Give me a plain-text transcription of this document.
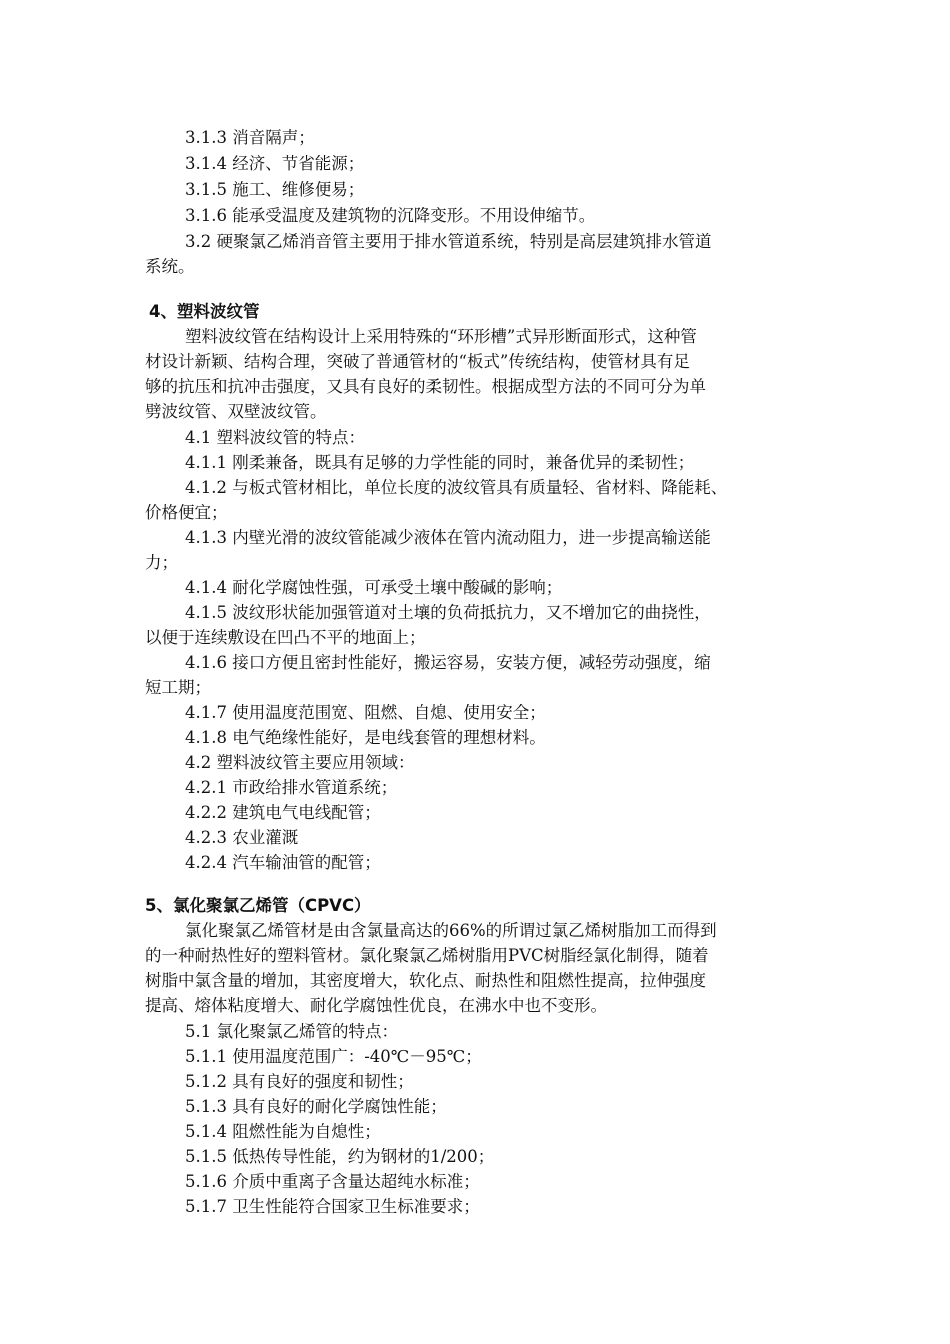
3.1.3 消音隔声；
3.1.4 经济、节省能源；
3.1.5 施工、维修便易；
3.1.6 能承受温度及建筑物的沉降变形。不用设伸缩节。
3.2 硬聚氯乙烯消音管主要用于排水管道系统，特别是高层建筑排水管道
系统。
4、塑料波纹管
塑料波纹管在结构设计上采用特殊的“环形槽”式异形断面形式，这种管
材设计新颖、结构合理，突破了普通管材的“板式”传统结构，使管材具有足
够的抗压和抗冲击强度，又具有良好的柔韧性。根据成型方法的不同可分为单
劈波纹管、双壁波纹管。
4.1 塑料波纹管的特点：
4.1.1 刚柔兼备，既具有足够的力学性能的同时，兼备优异的柔韧性；
4.1.2 与板式管材相比，单位长度的波纹管具有质量轻、省材料、降能耗、
价格便宜；
4.1.3 内壁光滑的波纹管能减少液体在管内流动阻力，进一步提高输送能
力；
4.1.4 耐化学腐蚀性强，可承受土壤中酸碱的影响；
4.1.5 波纹形状能加强管道对土壤的负荷抵抗力，又不增加它的曲挠性，
以便于连续敷设在凹凸不平的地面上；
4.1.6 接口方便且密封性能好，搬运容易，安装方便，减轻劳动强度，缩
短工期；
4.1.7 使用温度范围宽、阻燃、自熄、使用安全；
4.1.8 电气绝缘性能好，是电线套管的理想材料。
4.2 塑料波纹管主要应用领域：
4.2.1 市政给排水管道系统；
4.2.2 建筑电气电线配管；
4.2.3 农业灌溉
4.2.4 汽车输油管的配管；
5、氯化聚氯乙烯管（CPVC）
氯化聚氯乙烯管材是由含氯量高达的66%的所谓过氯乙烯树脂加工而得到
的一种耐热性好的塑料管材。氯化聚氯乙烯树脂用PVC树脂经氯化制得，随着
树脂中氯含量的增加，其密度增大，软化点、耐热性和阻燃性提高，拉伸强度
提高、熔体粘度增大、耐化学腐蚀性优良，在沸水中也不变形。
5.1 氯化聚氯乙烯管的特点：
5.1.1 使用温度范围广：-40℃－95℃；
5.1.2 具有良好的强度和韧性；
5.1.3 具有良好的耐化学腐蚀性能；
5.1.4 阻燃性能为自熄性；
5.1.5 低热传导性能，约为钢材的1/200；
5.1.6 介质中重离子含量达超纯水标准；
5.1.7 卫生性能符合国家卫生标准要求；
